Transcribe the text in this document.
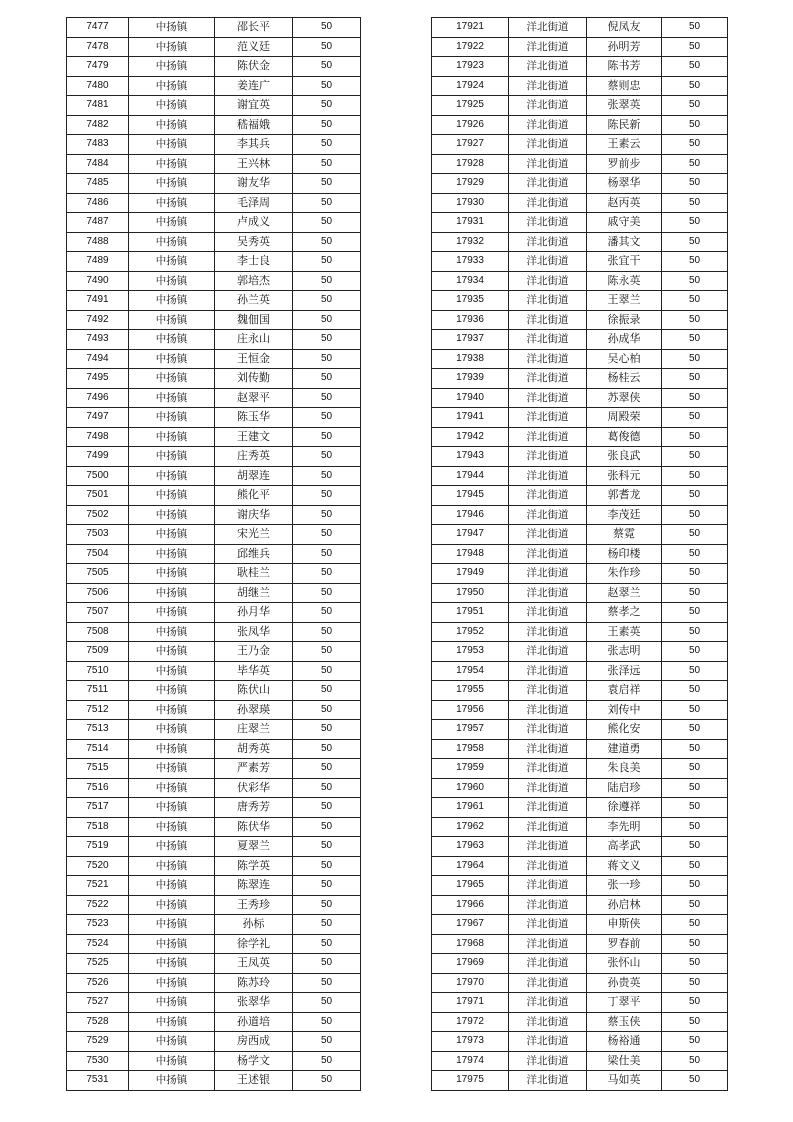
7477	中扬镇	邵长平	50
7478	中扬镇	范义廷	50
7479	中扬镇	陈伏金	50
7480	中扬镇	姜连广	50
7481	中扬镇	谢宜英	50
7482	中扬镇	嵇福娥	50
7483	中扬镇	李其兵	50
7484	中扬镇	王兴林	50
7485	中扬镇	谢友华	50
7486	中扬镇	毛泽周	50
7487	中扬镇	卢成义	50
7488	中扬镇	吴秀英	50
7489	中扬镇	李士良	50
7490	中扬镇	郭培杰	50
7491	中扬镇	孙兰英	50
7492	中扬镇	魏佃国	50
7493	中扬镇	庄永山	50
7494	中扬镇	王恒金	50
7495	中扬镇	刘传勤	50
7496	中扬镇	赵翠平	50
7497	中扬镇	陈玉华	50
7498	中扬镇	王建文	50
7499	中扬镇	庄秀英	50
7500	中扬镇	胡翠连	50
7501	中扬镇	熊化平	50
7502	中扬镇	谢庆华	50
7503	中扬镇	宋光兰	50
7504	中扬镇	邱维兵	50
7505	中扬镇	耿桂兰	50
7506	中扬镇	胡继兰	50
7507	中扬镇	孙月华	50
7508	中扬镇	张凤华	50
7509	中扬镇	王乃金	50
7510	中扬镇	毕华英	50
7511	中扬镇	陈伏山	50
7512	中扬镇	孙翠瑛	50
7513	中扬镇	庄翠兰	50
7514	中扬镇	胡秀英	50
7515	中扬镇	严素芳	50
7516	中扬镇	伏彩华	50
7517	中扬镇	唐秀芳	50
7518	中扬镇	陈伏华	50
7519	中扬镇	夏翠兰	50
7520	中扬镇	陈学英	50
7521	中扬镇	陈翠连	50
7522	中扬镇	王秀珍	50
7523	中扬镇	孙标	50
7524	中扬镇	徐学礼	50
7525	中扬镇	王凤英	50
7526	中扬镇	陈苏玲	50
7527	中扬镇	张翠华	50
7528	中扬镇	孙道培	50
7529	中扬镇	房西成	50
7530	中扬镇	杨学文	50
7531	中扬镇	王述银	50
17921	洋北街道	倪凤友	50
17922	洋北街道	孙明芳	50
17923	洋北街道	陈书芳	50
17924	洋北街道	蔡则忠	50
17925	洋北街道	张翠英	50
17926	洋北街道	陈民新	50
17927	洋北街道	王素云	50
17928	洋北街道	罗前步	50
17929	洋北街道	杨翠华	50
17930	洋北街道	赵丙英	50
17931	洋北街道	戚守美	50
17932	洋北街道	潘其文	50
17933	洋北街道	张宜干	50
17934	洋北街道	陈永英	50
17935	洋北街道	王翠兰	50
17936	洋北街道	徐振录	50
17937	洋北街道	孙成华	50
17938	洋北街道	吴心柏	50
17939	洋北街道	杨桂云	50
17940	洋北街道	苏翠侠	50
17941	洋北街道	周殿荣	50
17942	洋北街道	葛俊德	50
17943	洋北街道	张良武	50
17944	洋北街道	张科元	50
17945	洋北街道	郭耆龙	50
17946	洋北街道	李茂廷	50
17947	洋北街道	蔡霓	50
17948	洋北街道	杨印楼	50
17949	洋北街道	朱作珍	50
17950	洋北街道	赵翠兰	50
17951	洋北街道	蔡孝之	50
17952	洋北街道	王素英	50
17953	洋北街道	张志明	50
17954	洋北街道	张泽远	50
17955	洋北街道	袁启祥	50
17956	洋北街道	刘传中	50
17957	洋北街道	熊化安	50
17958	洋北街道	建道勇	50
17959	洋北街道	朱良美	50
17960	洋北街道	陆启珍	50
17961	洋北街道	徐遵祥	50
17962	洋北街道	李先明	50
17963	洋北街道	高孝武	50
17964	洋北街道	蒋文义	50
17965	洋北街道	张一珍	50
17966	洋北街道	孙启林	50
17967	洋北街道	申斯侠	50
17968	洋北街道	罗春前	50
17969	洋北街道	张怀山	50
17970	洋北街道	孙贵英	50
17971	洋北街道	丁翠平	50
17972	洋北街道	蔡玉侠	50
17973	洋北街道	杨裕通	50
17974	洋北街道	梁仕美	50
17975	洋北街道	马如英	50
